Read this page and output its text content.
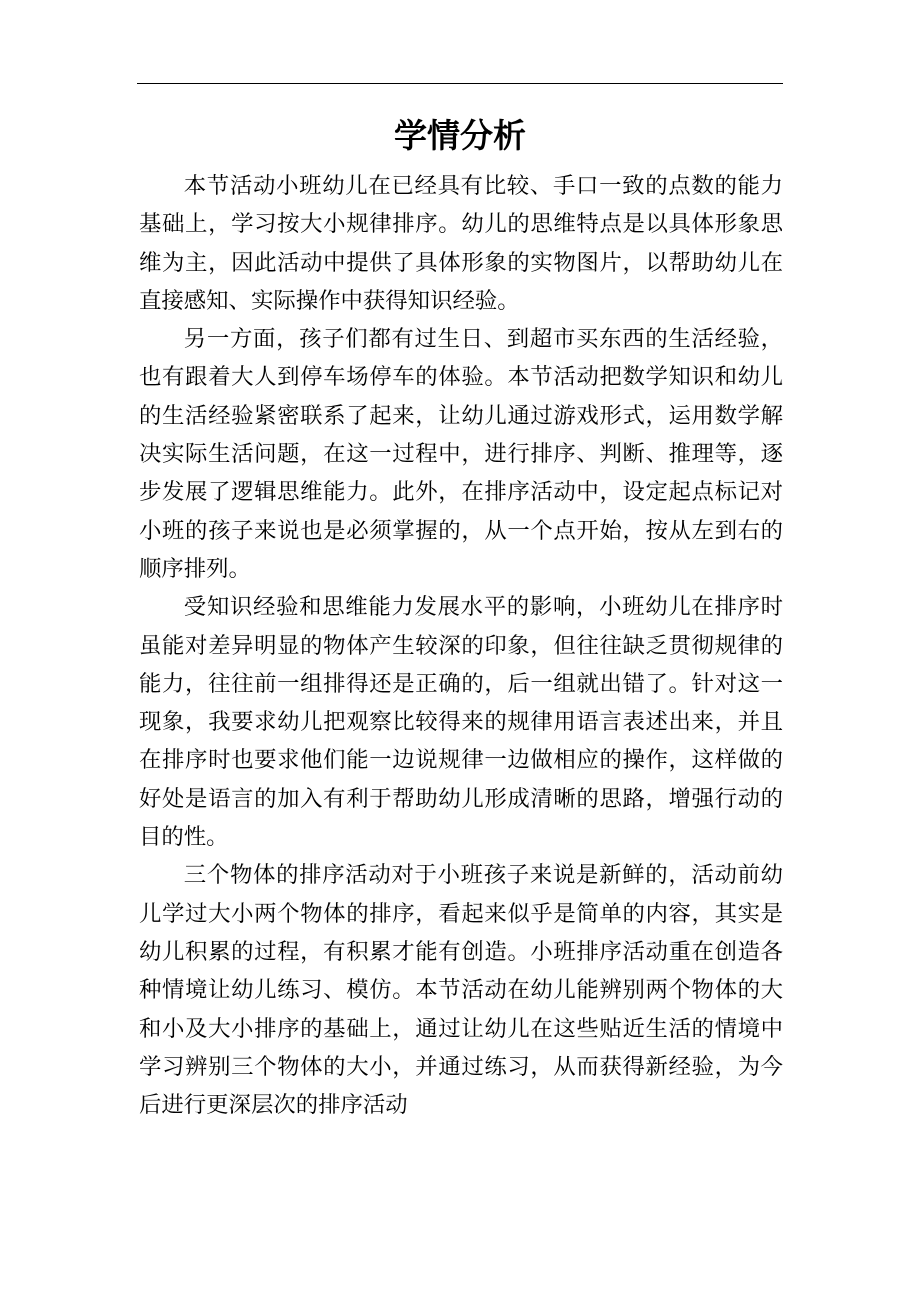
学情分析

本节活动小班幼儿在已经具有比较、手口一致的点数的能力基础上，学习按大小规律排序。幼儿的思维特点是以具体形象思维为主，因此活动中提供了具体形象的实物图片，以帮助幼儿在直接感知、实际操作中获得知识经验。

另一方面，孩子们都有过生日、到超市买东西的生活经验，也有跟着大人到停车场停车的体验。本节活动把数学知识和幼儿的生活经验紧密联系了起来，让幼儿通过游戏形式，运用数学解决实际生活问题，在这一过程中，进行排序、判断、推理等，逐步发展了逻辑思维能力。此外，在排序活动中，设定起点标记对小班的孩子来说也是必须掌握的，从一个点开始，按从左到右的顺序排列。

受知识经验和思维能力发展水平的影响，小班幼儿在排序时虽能对差异明显的物体产生较深的印象，但往往缺乏贯彻规律的能力，往往前一组排得还是正确的，后一组就出错了。针对这一现象，我要求幼儿把观察比较得来的规律用语言表述出来，并且在排序时也要求他们能一边说规律一边做相应的操作，这样做的好处是语言的加入有利于帮助幼儿形成清晰的思路，增强行动的目的性。

三个物体的排序活动对于小班孩子来说是新鲜的，活动前幼儿学过大小两个物体的排序，看起来似乎是简单的内容，其实是幼儿积累的过程，有积累才能有创造。小班排序活动重在创造各种情境让幼儿练习、模仿。本节活动在幼儿能辨别两个物体的大和小及大小排序的基础上，通过让幼儿在这些贴近生活的情境中学习辨别三个物体的大小，并通过练习，从而获得新经验，为今后进行更深层次的排序活动
